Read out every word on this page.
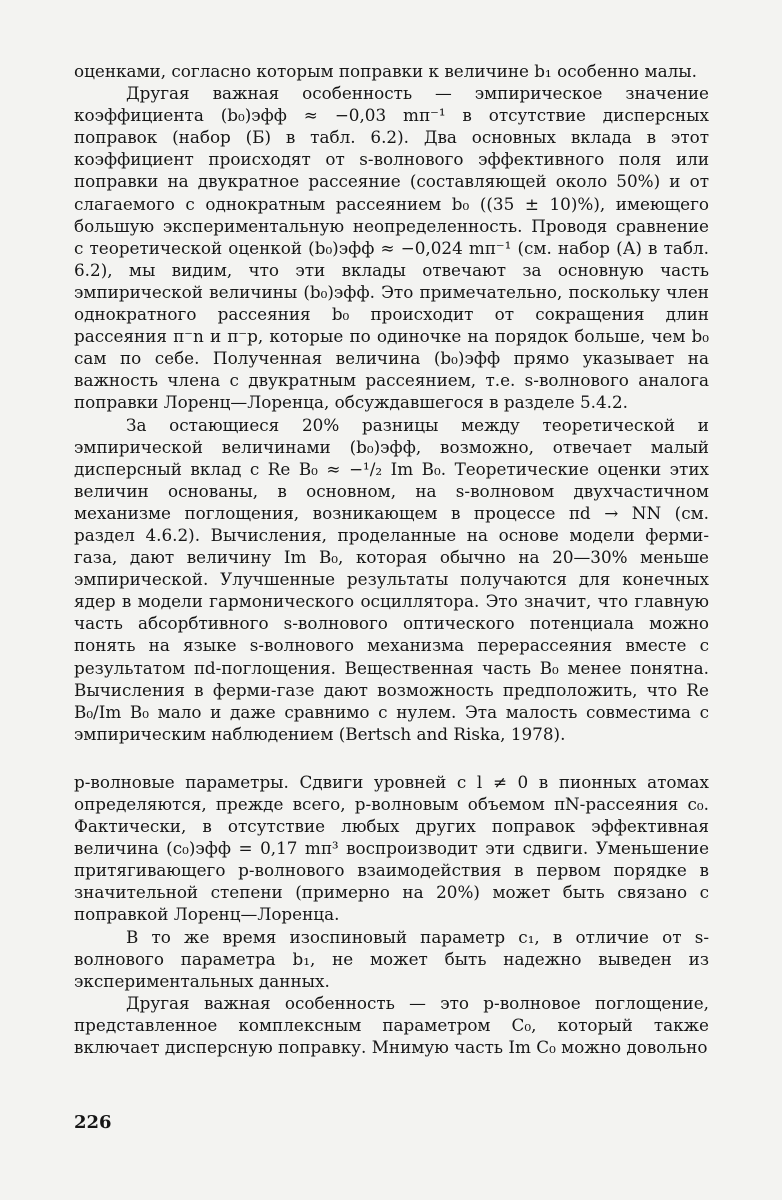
оценками, согласно которым поправки к величине b₁ особенно малы.

Другая важная особенность — эмпирическое значение коэффициента (b₀)эфф ≈ −0,03 mπ⁻¹ в отсутствие дисперсных поправок (набор (Б) в табл. 6.2). Два основных вклада в этот коэффициент происходят от s-волнового эффективного поля или поправки на двукратное рассеяние (составляющей около 50%) и от слагаемого с однократным рассеянием b₀ ((35 ± 10)%), имеющего большую экспериментальную неопределенность. Проводя сравнение с теоретической оценкой (b₀)эфф ≈ −0,024 mπ⁻¹ (см. набор (А) в табл. 6.2), мы видим, что эти вклады отвечают за основную часть эмпирической величины (b₀)эфф. Это примечательно, поскольку член однократного рассеяния b₀ происходит от сокращения длин рассеяния π⁻n и π⁻p, которые по одиночке на порядок больше, чем b₀ сам по себе. Полученная величина (b₀)эфф прямо указывает на важность члена с двукратным рассеянием, т.е. s-волнового аналога поправки Лоренц—Лоренца, обсуждавшегося в разделе 5.4.2.

За остающиеся 20% разницы между теоретической и эмпирической величинами (b₀)эфф, возможно, отвечает малый дисперсный вклад с Re B₀ ≈ −¹/₂ Im B₀. Теоретические оценки этих величин основаны, в основном, на s-волновом двухчастичном механизме поглощения, возникающем в процессе πd → NN (см. раздел 4.6.2). Вычисления, проделанные на основе модели ферми-газа, дают величину Im B₀, которая обычно на 20—30% меньше эмпирической. Улучшенные результаты получаются для конечных ядер в модели гармонического осциллятора. Это значит, что главную часть абсорбтивного s-волнового оптического потенциала можно понять на языке s-волнового механизма перерассеяния вместе с результатом πd-поглощения. Вещественная часть B₀ менее понятна. Вычисления в ферми-газе дают возможность предположить, что Re B₀/Im B₀ мало и даже сравнимо с нулем. Эта малость совместима с эмпирическим наблюдением (Bertsch and Riska, 1978).

p-волновые параметры. Сдвиги уровней с l ≠ 0 в пионных атомах определяются, прежде всего, p-волновым объемом πN-рассеяния c₀. Фактически, в отсутствие любых других поправок эффективная величина (c₀)эфф = 0,17 mπ³ воспроизводит эти сдвиги. Уменьшение притягивающего p-волнового взаимодействия в первом порядке в значительной степени (примерно на 20%) может быть связано с поправкой Лоренц—Лоренца.

В то же время изоспиновый параметр c₁, в отличие от s-волнового параметра b₁, не может быть надежно выведен из экспериментальных данных.

Другая важная особенность — это p-волновое поглощение, представленное комплексным параметром C₀, который также включает дисперсную поправку. Мнимую часть Im C₀ можно довольно

226
